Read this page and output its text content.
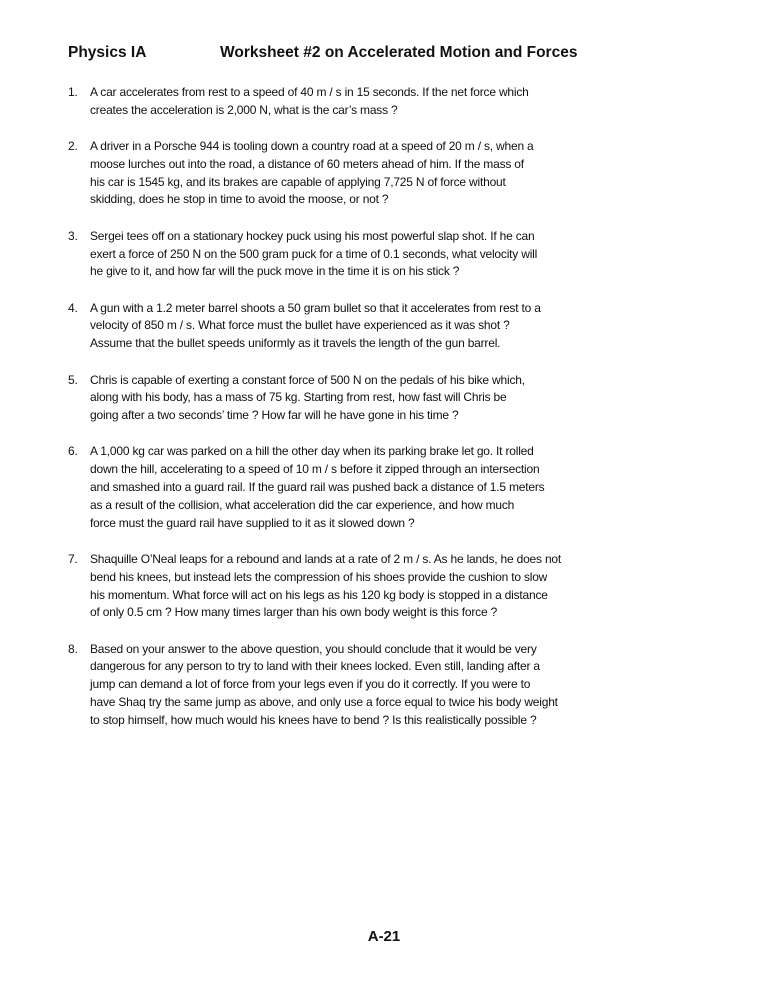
Physics IA	Worksheet #2 on Accelerated Motion and Forces
1. A car accelerates from rest to a speed of 40 m / s in 15 seconds. If the net force which
creates the acceleration is 2,000 N, what is the car’s mass ?
2. A driver in a Porsche 944 is tooling down a country road at a speed of 20 m / s, when a
moose lurches out into the road, a distance of 60 meters ahead of him. If the mass of
his car is 1545 kg, and its brakes are capable of applying 7,725 N of force without
skidding, does he stop in time to avoid the moose, or not ?
3. Sergei tees off on a stationary hockey puck using his most powerful slap shot. If he can
exert a force of 250 N on the 500 gram puck for a time of 0.1 seconds, what velocity will
he give to it, and how far will the puck move in the time it is on his stick ?
4. A gun with a 1.2 meter barrel shoots a 50 gram bullet so that it accelerates from rest to a
velocity of 850 m / s. What force must the bullet have experienced as it was shot ?
Assume that the bullet speeds uniformly as it travels the length of the gun barrel.
5. Chris is capable of exerting a constant force of 500 N on the pedals of his bike which,
along with his body, has a mass of 75 kg. Starting from rest, how fast will Chris be
going after a two seconds’ time ? How far will he have gone in his time ?
6. A 1,000 kg car was parked on a hill the other day when its parking brake let go. It rolled
down the hill, accelerating to a speed of 10 m / s before it zipped through an intersection
and smashed into a guard rail. If the guard rail was pushed back a distance of 1.5 meters
as a result of the collision, what acceleration did the car experience, and how much
force must the guard rail have supplied to it as it slowed down ?
7. Shaquille O’Neal leaps for a rebound and lands at a rate of 2 m / s. As he lands, he does not
bend his knees, but instead lets the compression of his shoes provide the cushion to slow
his momentum. What force will act on his legs as his 120 kg body is stopped in a distance
of only 0.5 cm ? How many times larger than his own body weight is this force ?
8. Based on your answer to the above question, you should conclude that it would be very
dangerous for any person to try to land with their knees locked. Even still, landing after a
jump can demand a lot of force from your legs even if you do it correctly. If you were to
have Shaq try the same jump as above, and only use a force equal to twice his body weight
to stop himself, how much would his knees have to bend ? Is this realistically possible ?
A-21
